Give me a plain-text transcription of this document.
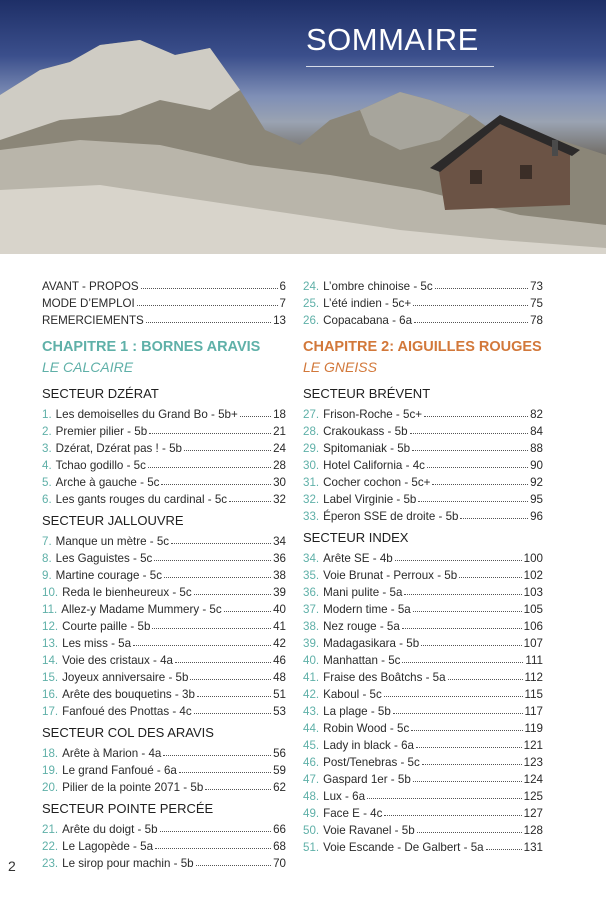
SOMMAIRE
AVANT - PROPOS	6
MODE D’EMPLOI	7
REMERCIEMENTS	13
CHAPITRE 1 : BORNES ARAVIS
LE CALCAIRE
SECTEUR DZÉRAT
1. Les demoiselles du Grand Bo - 5b+	18
2. Premier pilier - 5b	21
3. Dzérat, Dzérat pas ! - 5b	24
4. Tchao godillo - 5c	28
5. Arche à gauche - 5c	30
6. Les gants rouges du cardinal - 5c	32
SECTEUR JALLOUVRE
7. Manque un mètre - 5c	34
8. Les Gaguistes - 5c	36
9. Martine courage - 5c	38
10. Reda le bienheureux - 5c	39
11. Allez-y Madame Mummery - 5c	40
12. Courte paille - 5b	41
13. Les miss - 5a	42
14. Voie des cristaux - 4a	46
15. Joyeux anniversaire - 5b	48
16. Arête des bouquetins - 3b	51
17. Fanfoué des Pnottas - 4c	53
SECTEUR COL DES ARAVIS
18. Arête à Marion - 4a	56
19. Le grand Fanfoué - 6a	59
20. Pilier de la pointe 2071 - 5b	62
SECTEUR POINTE PERCÉE
21. Arête du doigt - 5b	66
22. Le Lagopède - 5a	68
23. Le sirop pour machin - 5b	70
24. L’ombre chinoise - 5c	73
25. L’été indien - 5c+	75
26. Copacabana - 6a	78
CHAPITRE 2: AIGUILLES ROUGES
LE GNEISS
SECTEUR BRÉVENT
27. Frison-Roche - 5c+	82
28. Crakoukass - 5b	84
29. Spitomaniak - 5b	88
30. Hotel California - 4c	90
31. Cocher cochon - 5c+	92
32. Label Virginie - 5b	95
33. Éperon SSE de droite - 5b	96
SECTEUR INDEX
34. Arête SE - 4b	100
35. Voie Brunat - Perroux - 5b	102
36. Mani pulite - 5a	103
37. Modern time - 5a	105
38. Nez rouge - 5a	106
39. Madagasikara - 5b	107
40. Manhattan - 5c	111
41. Fraise des Boâtchs - 5a	112
42. Kaboul - 5c	115
43. La plage - 5b	117
44. Robin Wood - 5c	119
45. Lady in black - 6a	121
46. Post/Tenebras - 5c	123
47. Gaspard 1er - 5b	124
48. Lux - 6a	125
49. Face E - 4c	127
50. Voie Ravanel - 5b	128
51. Voie Escande - De Galbert - 5a	131
2
